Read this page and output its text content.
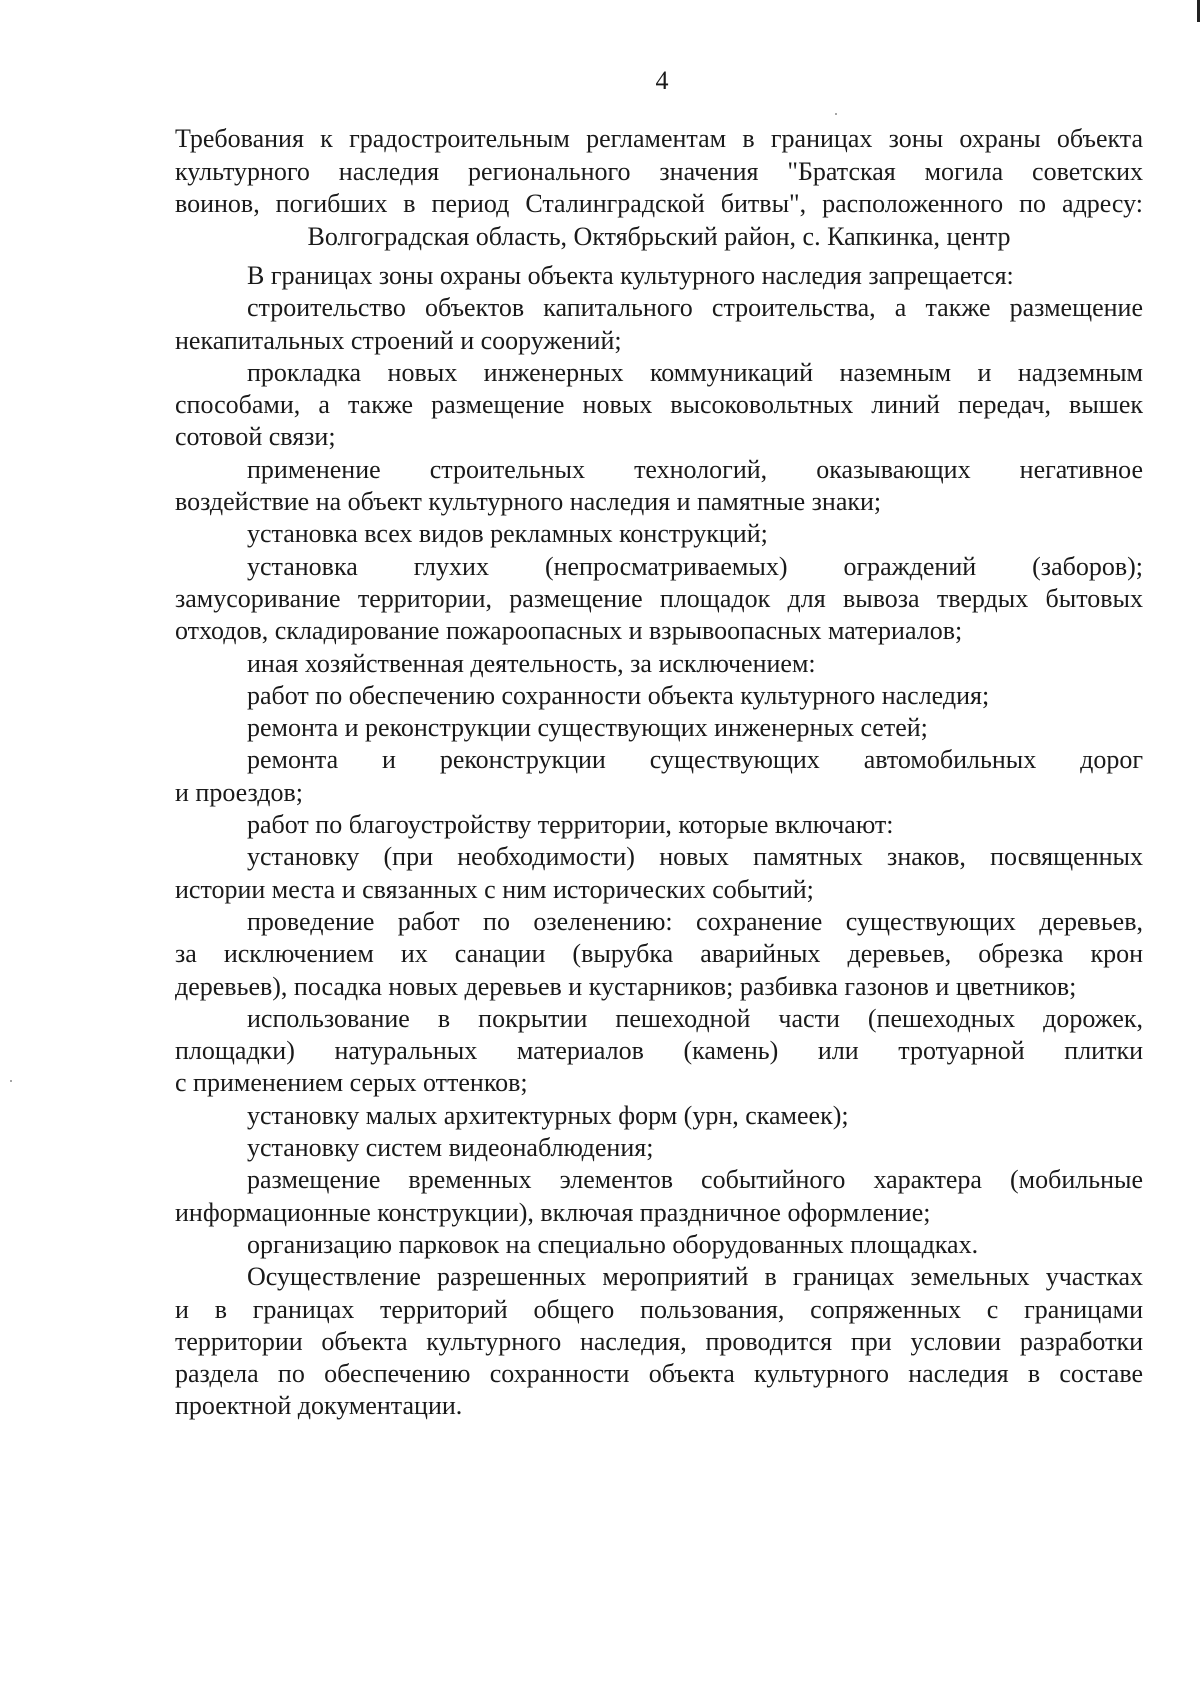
4
Требования к градостроительным регламентам в границах зоны охраны объекта
культурного наследия регионального значения "Братская могила советских
воинов, погибших в период Сталинградской битвы", расположенного по адресу:
Волгоградская область, Октябрьский район, с. Капкинка, центр
В границах зоны охраны объекта культурного наследия запрещается:
строительство объектов капитального строительства, а также размещение
некапитальных строений и сооружений;
прокладка новых инженерных коммуникаций наземным и надземным
способами, а также размещение новых высоковольтных линий передач, вышек
сотовой связи;
применение строительных технологий, оказывающих негативное
воздействие на объект культурного наследия и памятные знаки;
установка всех видов рекламных конструкций;
установка глухих (непросматриваемых) ограждений (заборов);
замусоривание территории, размещение площадок для вывоза твердых бытовых
отходов, складирование пожароопасных и взрывоопасных материалов;
иная хозяйственная деятельность, за исключением:
работ по обеспечению сохранности объекта культурного наследия;
ремонта и реконструкции существующих инженерных сетей;
ремонта и реконструкции существующих автомобильных дорог
и проездов;
работ по благоустройству территории, которые включают:
установку (при необходимости) новых памятных знаков, посвященных
истории места и связанных с ним исторических событий;
проведение работ по озеленению: сохранение существующих деревьев,
за исключением их санации (вырубка аварийных деревьев, обрезка крон
деревьев), посадка новых деревьев и кустарников; разбивка газонов и цветников;
использование в покрытии пешеходной части (пешеходных дорожек,
площадки) натуральных материалов (камень) или тротуарной плитки
с применением серых оттенков;
установку малых архитектурных форм (урн, скамеек);
установку систем видеонаблюдения;
размещение временных элементов событийного характера (мобильные
информационные конструкции), включая праздничное оформление;
организацию парковок на специально оборудованных площадках.
Осуществление разрешенных мероприятий в границах земельных участках
и в границах территорий общего пользования, сопряженных с границами
территории объекта культурного наследия, проводится при условии разработки
раздела по обеспечению сохранности объекта культурного наследия в составе
проектной документации.
